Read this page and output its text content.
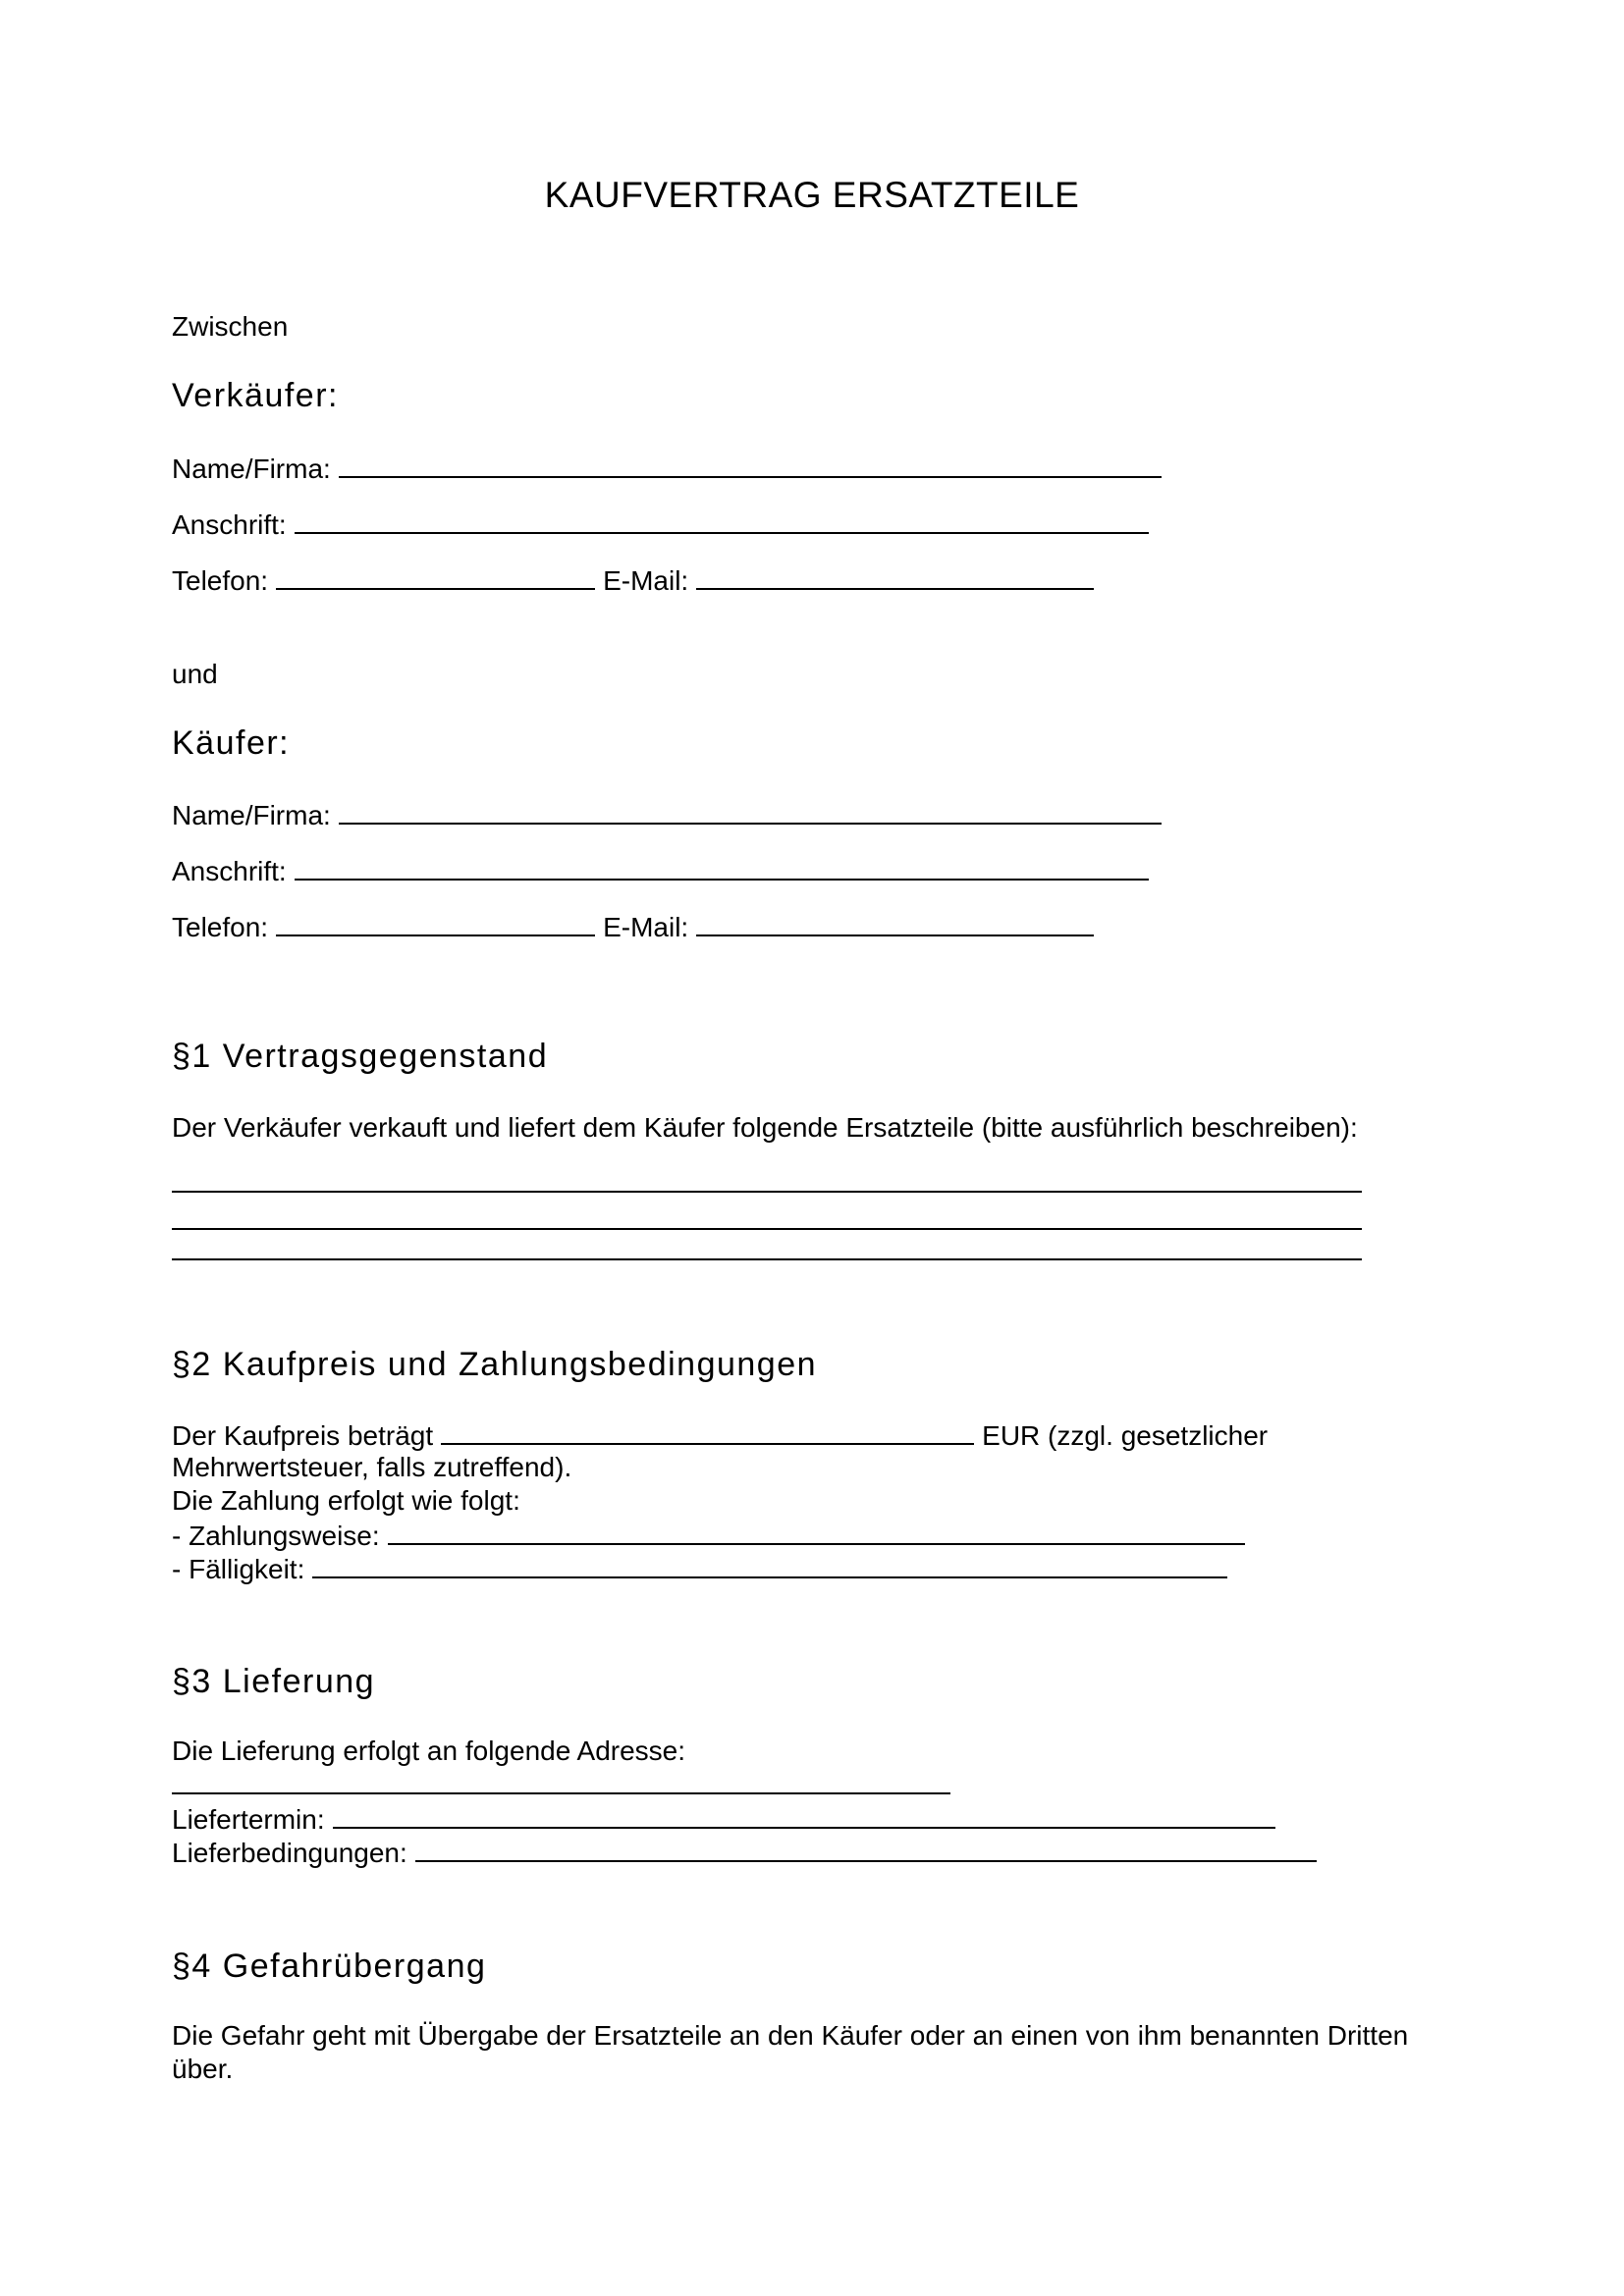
KAUFVERTRAG ERSATZTEILE
Zwischen
Verkäufer:
Name/Firma:
Anschrift:
Telefon:	E-Mail:
und
Käufer:
Name/Firma:
Anschrift:
Telefon:	E-Mail:
§1 Vertragsgegenstand
Der Verkäufer verkauft und liefert dem Käufer folgende Ersatzteile (bitte ausführlich beschreiben):
§2 Kaufpreis und Zahlungsbedingungen
Der Kaufpreis beträgt	EUR (zzgl. gesetzlicher
Mehrwertsteuer, falls zutreffend).
Die Zahlung erfolgt wie folgt:
- Zahlungsweise:
- Fälligkeit:
§3 Lieferung
Die Lieferung erfolgt an folgende Adresse:
Liefertermin:
Lieferbedingungen:
§4 Gefahrübergang
Die Gefahr geht mit Übergabe der Ersatzteile an den Käufer oder an einen von ihm benannten Dritten
über.
